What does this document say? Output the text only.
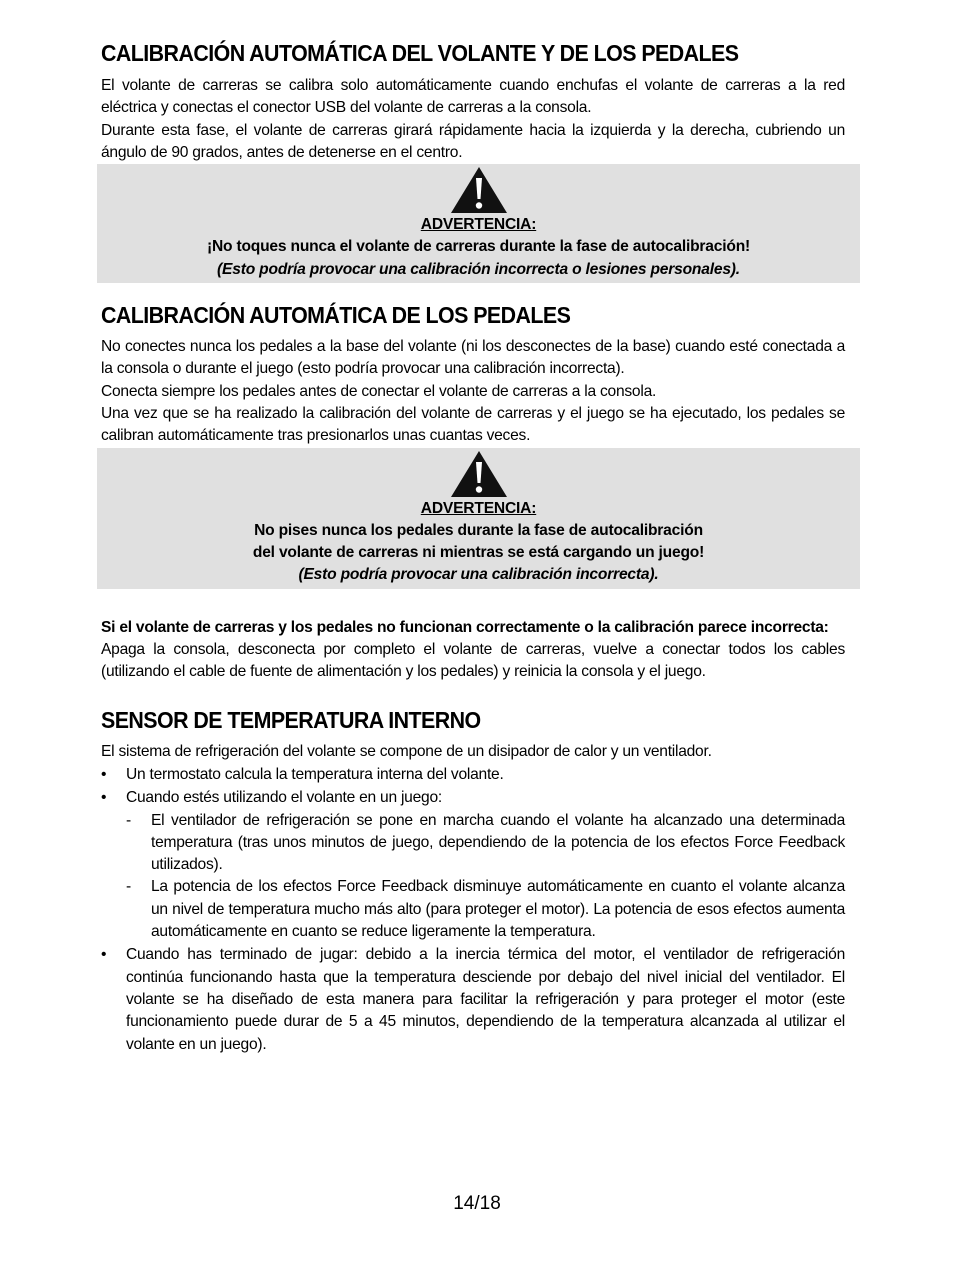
CALIBRACIÓN AUTOMÁTICA DEL VOLANTE Y DE LOS PEDALES

El volante de carreras se calibra solo automáticamente cuando enchufas el volante de carreras a la red eléctrica y conectas el conector USB del volante de carreras a la consola.

Durante esta fase, el volante de carreras girará rápidamente hacia la izquierda y la derecha, cubriendo un ángulo de 90 grados, antes de detenerse en el centro.

ADVERTENCIA:
¡No toques nunca el volante de carreras durante la fase de autocalibración!
(Esto podría provocar una calibración incorrecta o lesiones personales).
CALIBRACIÓN AUTOMÁTICA DE LOS PEDALES

No conectes nunca los pedales a la base del volante (ni los desconectes de la base) cuando esté conectada a la consola o durante el juego (esto podría provocar una calibración incorrecta).

Conecta siempre los pedales antes de conectar el volante de carreras a la consola.

Una vez que se ha realizado la calibración del volante de carreras y el juego se ha ejecutado, los pedales se calibran automáticamente tras presionarlos unas cuantas veces.

ADVERTENCIA:
No pises nunca los pedales durante la fase de autocalibración
del volante de carreras ni mientras se está cargando un juego!
(Esto podría provocar una calibración incorrecta).

Si el volante de carreras y los pedales no funcionan correctamente o la calibración parece incorrecta:

Apaga la consola, desconecta por completo el volante de carreras, vuelve a conectar todos los cables (utilizando el cable de fuente de alimentación y los pedales) y reinicia la consola y el juego.

SENSOR DE TEMPERATURA INTERNO

El sistema de refrigeración del volante se compone de un disipador de calor y un ventilador.

• Un termostato calcula la temperatura interna del volante.
• Cuando estés utilizando el volante en un juego:
- El ventilador de refrigeración se pone en marcha cuando el volante ha alcanzado una determinada temperatura (tras unos minutos de juego, dependiendo de la potencia de los efectos Force Feedback utilizados).
- La potencia de los efectos Force Feedback disminuye automáticamente en cuanto el volante alcanza un nivel de temperatura mucho más alto (para proteger el motor). La potencia de esos efectos aumenta automáticamente en cuanto se reduce ligeramente la temperatura.
• Cuando has terminado de jugar: debido a la inercia térmica del motor, el ventilador de refrigeración continúa funcionando hasta que la temperatura desciende por debajo del nivel inicial del ventilador. El volante se ha diseñado de esta manera para facilitar la refrigeración y para proteger el motor (este funcionamiento puede durar de 5 a 45 minutos, dependiendo de la temperatura alcanzada al utilizar el volante en un juego).
14/18
